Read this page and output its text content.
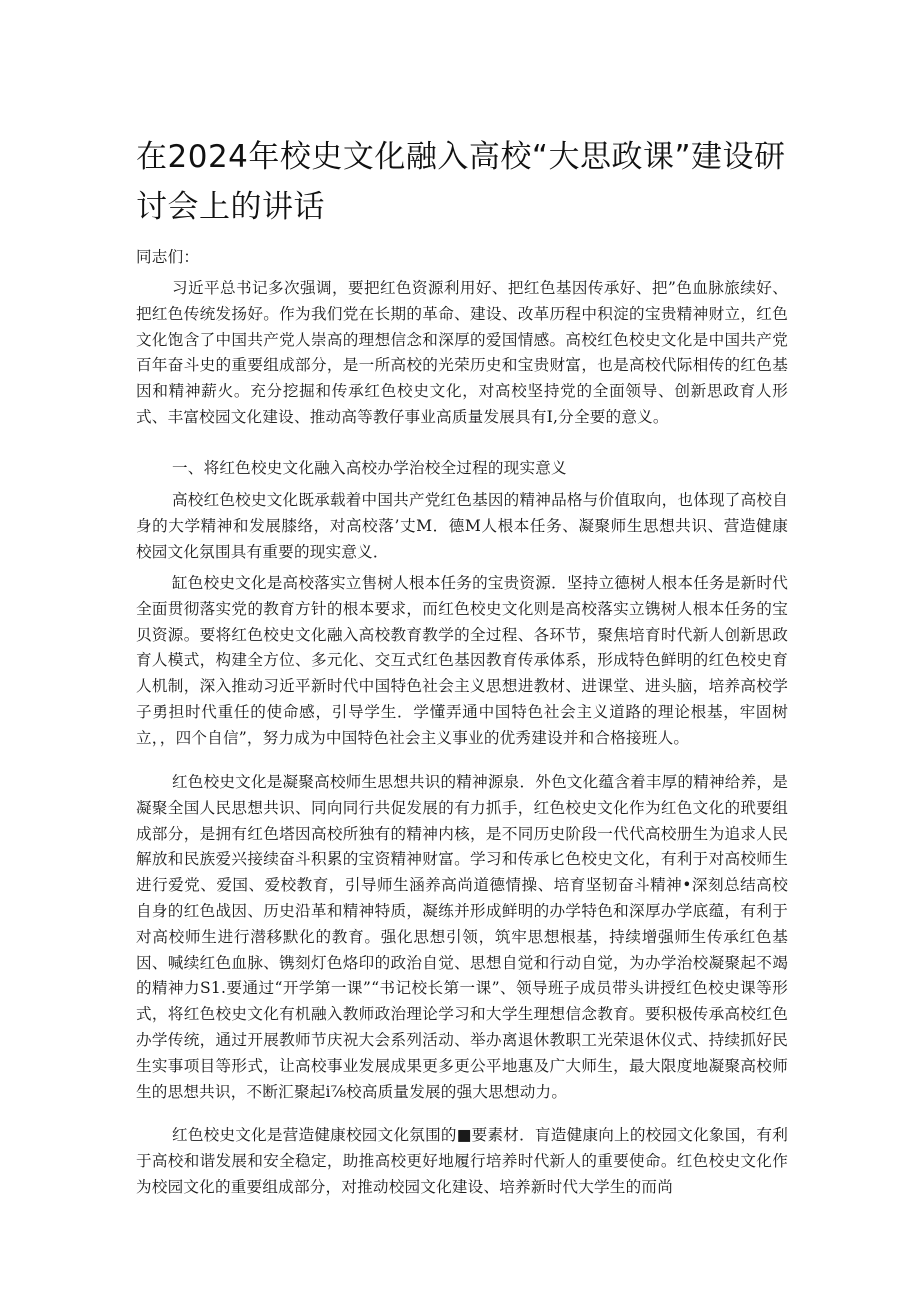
在2024年校史文化融入高校“大思政课”建设研讨会上的讲话

同志们：

习近平总书记多次强调，要把红色资源利用好、把红色基因传承好、把”色血脉旅续好、把红色传统发扬好。作为我们党在长期的革命、建设、改革历程中积淀的宝贵精神财立，红色文化饱含了中国共产党人崇高的理想信念和深厚的爱国情感。高校红色校史文化是中国共产党百年奋斗史的重要组成部分，是一所高校的光荣历史和宝贵财富，也是高校代际相传的红色基因和精神薪火。充分挖掘和传承红色校史文化，对高校坚持党的全面领导、创新思政育人形式、丰富校园文化建设、推动高等教仔事业高质量发展具有I,分全要的意义。

一、将红色校史文化融入高校办学治校全过程的现实意义

高校红色校史文化既承载着中国共产党红色基因的精神品格与价值取向，也体现了高校自身的大学精神和发展膝络，对高校落’丈M．德M人根本任务、凝聚师生思想共识、营造健康校园文化氛围具有重要的现实意义．

缸色校史文化是高校落实立售树人根本任务的宝贵资源．坚持立德树人根本任务是新时代全面贯彻落实党的教育方针的根本要求，而红色校史文化则是高校落实立镌树人根本任务的宝贝资源。要将红色校史文化融入高校教育教学的全过程、各环节，聚焦培育时代新人创新思政育人模式，构建全方位、多元化、交互式红色基因教育传承体系，形成特色鲜明的红色校史育人机制，深入推动习近平新时代中国特色社会主义思想进教材、进课堂、进头脑，培养高校学子勇担时代重任的使命感，引导学生．学懂弄通中国特色社会主义道路的理论根基，牢固树立，，四个自信”，努力成为中国特色社会主义事业的优秀建设并和合格接班人。

红色校史文化是凝聚高校师生思想共识的精神源泉．外色文化蕴含着丰厚的精神给养，是凝聚全国人民思想共识、同向同行共促发展的有力抓手，红色校史文化作为红色文化的玳要组成部分，是拥有红色塔因高校所独有的精神内核，是不同历史阶段一代代高校册生为追求人民解放和民族爱兴接续奋斗积累的宝资精神财富。学习和传承匕色校史文化，有利于对高校师生进行爱党、爱国、爱校教育，引导师生涵养高尚道德情操、培育坚韧奋斗精神•深刻总结高校自身的红色战因、历史沿革和精神特质，凝练并形成鲜明的办学特色和深厚办学底蕴，有利于对高校师生进行潜移默化的教育。强化思想引领，筑牢思想根基，持续增强师生传承红色基因、喊续红色血脉、镌刻灯色烙印的政治自觉、思想自觉和行动自觉，为办学治校凝聚起不竭的精神力S1.要通过“开学第一课”“书记校长第一课”、领导班子成员带头讲授红色校史课等形式，将红色校史文化有机融入教师政治理论学习和大学生理想信念教育。要积极传承高校红色办学传统，通过开展教师节庆祝大会系列活动、举办离退休教职工光荣退休仪式、持续抓好民生实事项目等形式，让高校事业发展成果更多更公平地惠及广大师生，最大限度地凝聚高校师生的思想共识，不断汇聚起i⅞校高质量发展的强大思想动力。

红色校史文化是营造健康校园文化氛围的■要素材．肓造健康向上的校园文化象国，有利于高校和谐发展和安全稳定，助推高校更好地履行培养时代新人的重要使命。红色校史文化作为校园文化的重要组成部分，对推动校园文化建设、培养新时代大学生的而尚
